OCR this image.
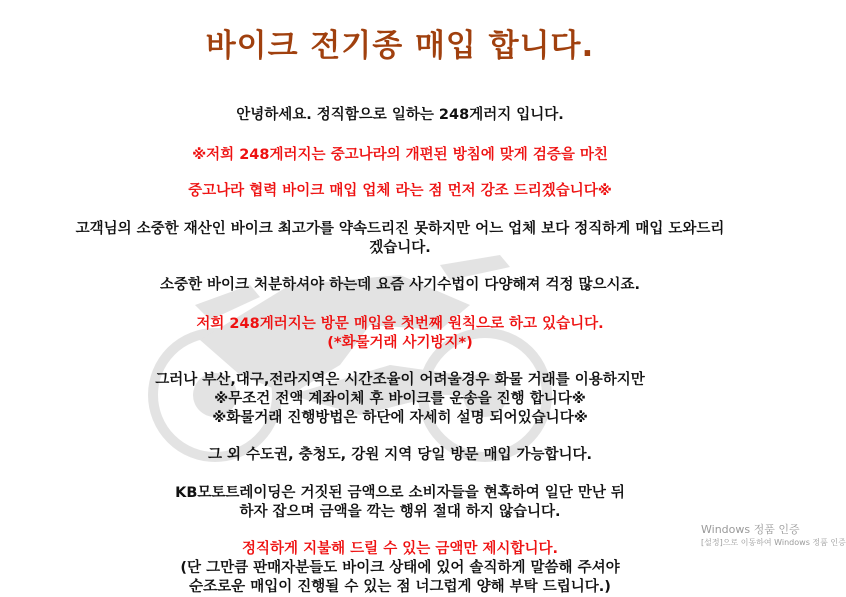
바이크 전기종 매입 합니다.
안녕하세요. 정직함으로 일하는 248게러지 입니다.
※저희 248게러지는 중고나라의 개편된 방침에 맞게 검증을 마친
중고나라 협력 바이크 매입 업체 라는 점 먼저 강조 드리겠습니다※
고객님의 소중한 재산인 바이크 최고가를 약속드리진 못하지만 어느 업체 보다 정직하게 매입 도와드리
겠습니다.
소중한 바이크 처분하셔야 하는데 요즘 사기수법이 다양해져 걱정 많으시죠.
저희 248게러지는 방문 매입을 첫번째 원칙으로 하고 있습니다.
(*화물거래 사기방지*)
그러나 부산,대구,전라지역은 시간조율이 어려울경우 화물 거래를 이용하지만
※무조건 전액 계좌이체 후 바이크를 운송을 진행 합니다※
※화물거래 진행방법은 하단에 자세히 설명 되어있습니다※
그 외 수도권, 충청도, 강원 지역 당일 방문 매입 가능합니다.
KB모토트레이딩은 거짓된 금액으로 소비자들을 현혹하여 일단 만난 뒤
하자 잡으며 금액을 깍는 행위 절대 하지 않습니다.
정직하게 지불해 드릴 수 있는 금액만 제시합니다.
(단 그만큼 판매자분들도 바이크 상태에 있어 솔직하게 말씀해 주셔야
순조로운 매입이 진행될 수 있는 점 너그럽게 양해 부탁 드립니다.)
Windows 정품 인증
[설정]으로 이동하여 Windows 정품 인증
